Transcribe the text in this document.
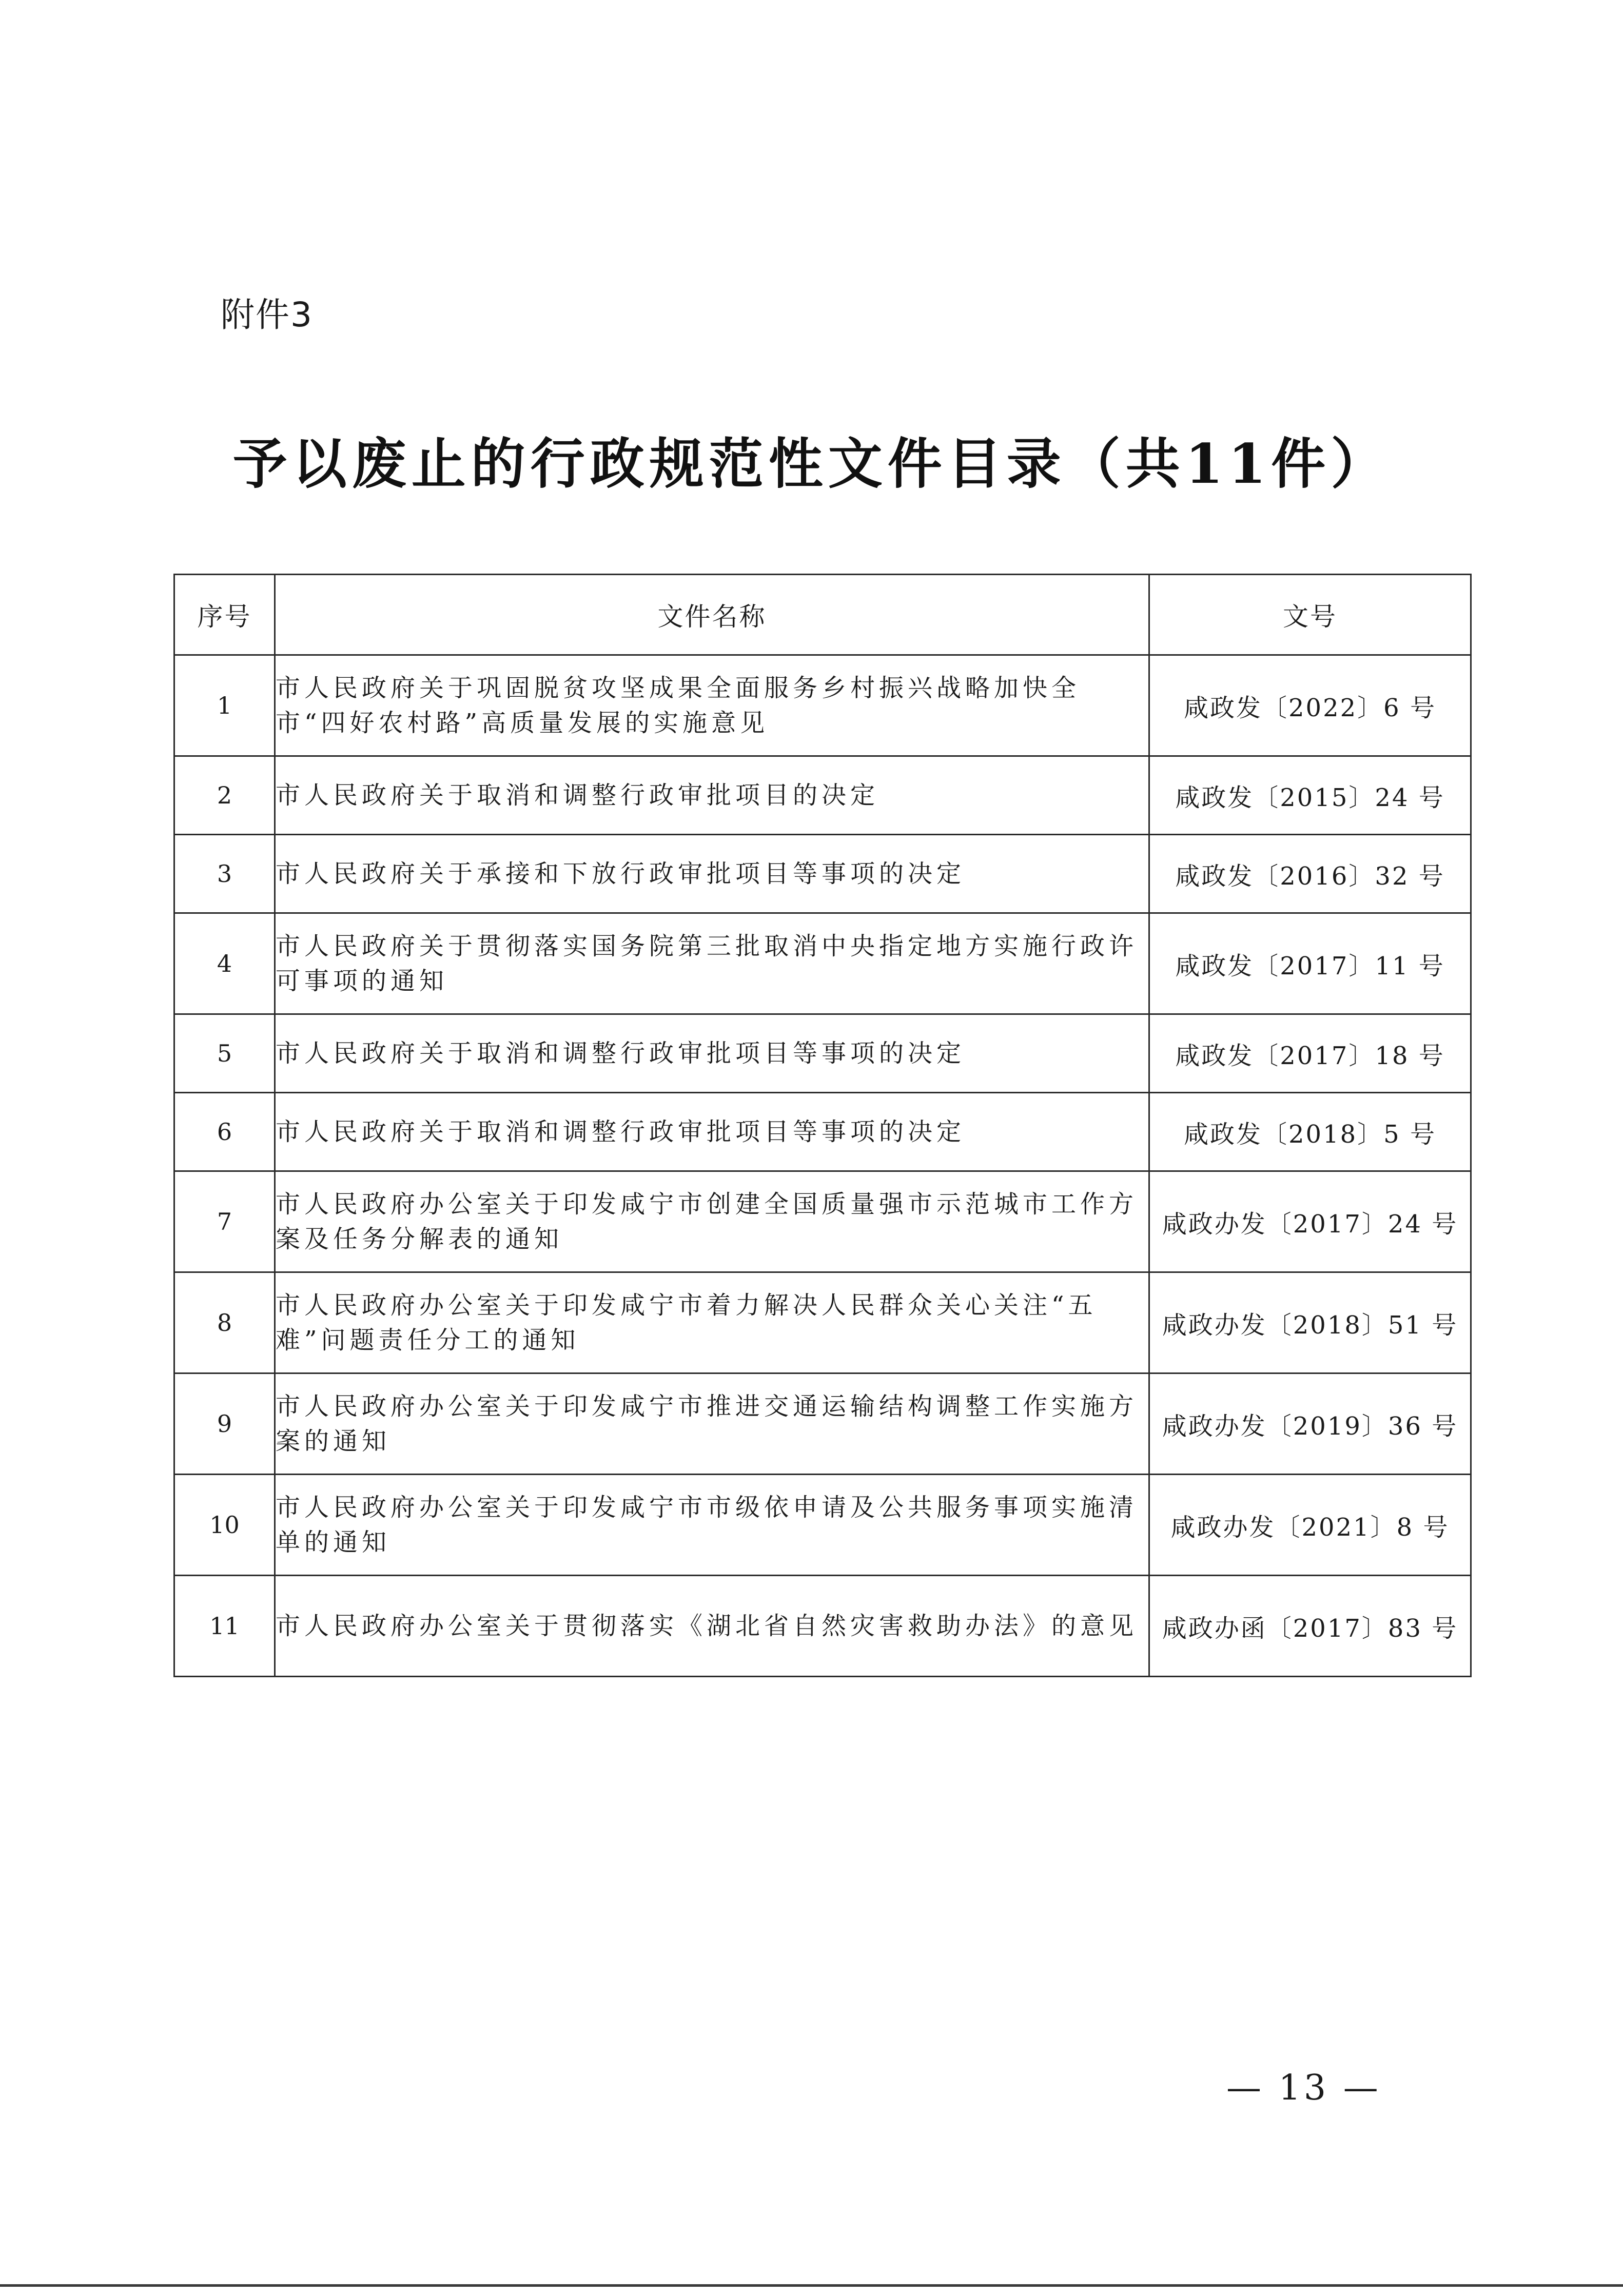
附件3
予以废止的行政规范性文件目录（共11件）
序号	文件名称	文号
1	市人民政府关于巩固脱贫攻坚成果全面服务乡村振兴战略加快全市“四好农村路”高质量发展的实施意见	咸政发〔2022〕6 号
2	市人民政府关于取消和调整行政审批项目的决定	咸政发〔2015〕24 号
3	市人民政府关于承接和下放行政审批项目等事项的决定	咸政发〔2016〕32 号
4	市人民政府关于贯彻落实国务院第三批取消中央指定地方实施行政许可事项的通知	咸政发〔2017〕11 号
5	市人民政府关于取消和调整行政审批项目等事项的决定	咸政发〔2017〕18 号
6	市人民政府关于取消和调整行政审批项目等事项的决定	咸政发〔2018〕5 号
7	市人民政府办公室关于印发咸宁市创建全国质量强市示范城市工作方案及任务分解表的通知	咸政办发〔2017〕24 号
8	市人民政府办公室关于印发咸宁市着力解决人民群众关心关注“五难”问题责任分工的通知	咸政办发〔2018〕51 号
9	市人民政府办公室关于印发咸宁市推进交通运输结构调整工作实施方案的通知	咸政办发〔2019〕36 号
10	市人民政府办公室关于印发咸宁市市级依申请及公共服务事项实施清单的通知	咸政办发〔2021〕8 号
11	市人民政府办公室关于贯彻落实《湖北省自然灾害救助办法》的意见	咸政办函〔2017〕83 号
— 13 —
